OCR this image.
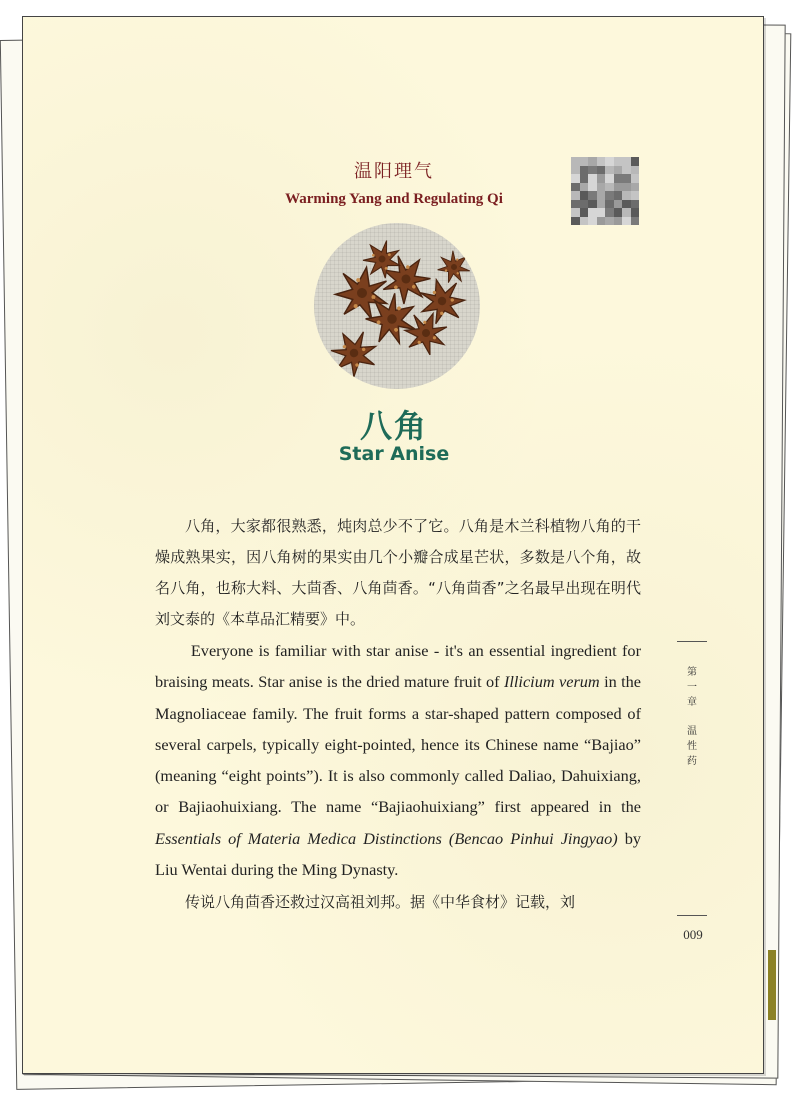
温阳理气
Warming Yang and Regulating Qi
八角
Star Anise

八角，大家都很熟悉，炖肉总少不了它。八角是木兰科植物八角的干燥成熟果实，因八角树的果实由几个小瓣合成星芒状，多数是八个角，故名八角，也称大料、大茴香、八角茴香。“八角茴香”之名最早出现在明代刘文泰的《本草品汇精要》中。

Everyone is familiar with star anise - it's an essential ingredient for braising meats. Star anise is the dried mature fruit of Illicium verum in the Magnoliaceae family. The fruit forms a star-shaped pattern composed of several carpels, typically eight-pointed, hence its Chinese name “Bajiao” (meaning “eight points”). It is also commonly called Daliao, Dahuixiang, or Bajiaohuixiang. The name “Bajiaohuixiang” first appeared in the Essentials of Materia Medica Distinctions (Bencao Pinhui Jingyao) by Liu Wentai during the Ming Dynasty.

传说八角茴香还救过汉高祖刘邦。据《中华食材》记载，刘

第
一
章
温
性
药
009
